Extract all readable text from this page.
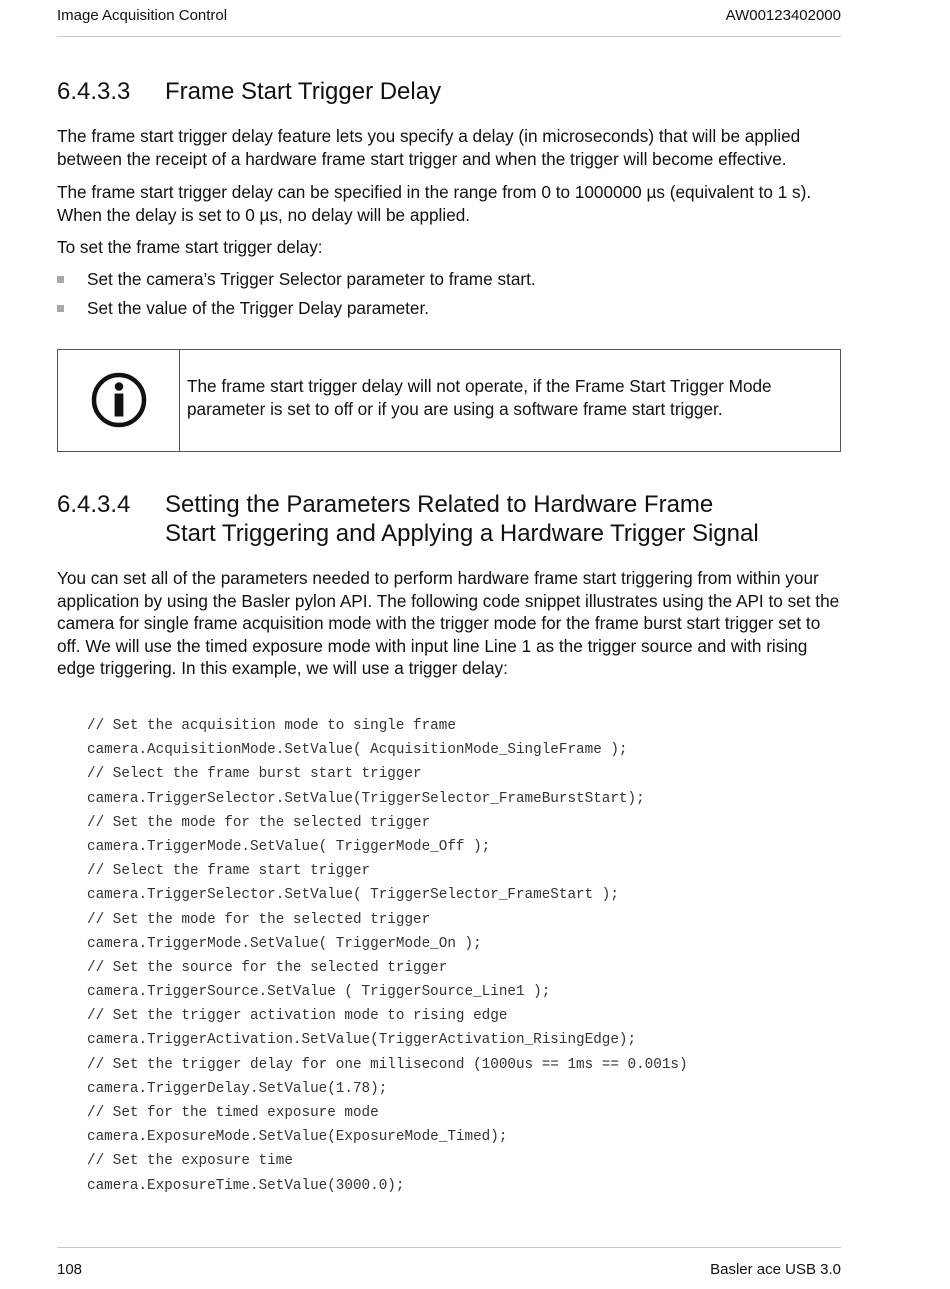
Image Acquisition Control	AW00123402000
6.4.3.3 Frame Start Trigger Delay

The frame start trigger delay feature lets you specify a delay (in microseconds) that will be applied between the receipt of a hardware frame start trigger and when the trigger will become effective.

The frame start trigger delay can be specified in the range from 0 to 1000000 µs (equivalent to 1 s). When the delay is set to 0 µs, no delay will be applied.

To set the frame start trigger delay:

Set the camera’s Trigger Selector parameter to frame start.
Set the value of the Trigger Delay parameter.

The frame start trigger delay will not operate, if the Frame Start Trigger Mode parameter is set to off or if you are using a software frame start trigger.

6.4.3.4 Setting the Parameters Related to Hardware Frame
Start Triggering and Applying a Hardware Trigger Signal

You can set all of the parameters needed to perform hardware frame start triggering from within your application by using the Basler pylon API. The following code snippet illustrates using the API to set the camera for single frame acquisition mode with the trigger mode for the frame burst start trigger set to off. We will use the timed exposure mode with input line Line 1 as the trigger source and with rising edge triggering. In this example, we will use a trigger delay:

// Set the acquisition mode to single frame
camera.AcquisitionMode.SetValue( AcquisitionMode_SingleFrame );
// Select the frame burst start trigger
camera.TriggerSelector.SetValue(TriggerSelector_FrameBurstStart);
// Set the mode for the selected trigger
camera.TriggerMode.SetValue( TriggerMode_Off );
// Select the frame start trigger
camera.TriggerSelector.SetValue( TriggerSelector_FrameStart );
// Set the mode for the selected trigger
camera.TriggerMode.SetValue( TriggerMode_On );
// Set the source for the selected trigger
camera.TriggerSource.SetValue ( TriggerSource_Line1 );
// Set the trigger activation mode to rising edge
camera.TriggerActivation.SetValue(TriggerActivation_RisingEdge);
// Set the trigger delay for one millisecond (1000us == 1ms == 0.001s)
camera.TriggerDelay.SetValue(1.78);
// Set for the timed exposure mode
camera.ExposureMode.SetValue(ExposureMode_Timed);
// Set the exposure time
camera.ExposureTime.SetValue(3000.0);
108	Basler ace USB 3.0
